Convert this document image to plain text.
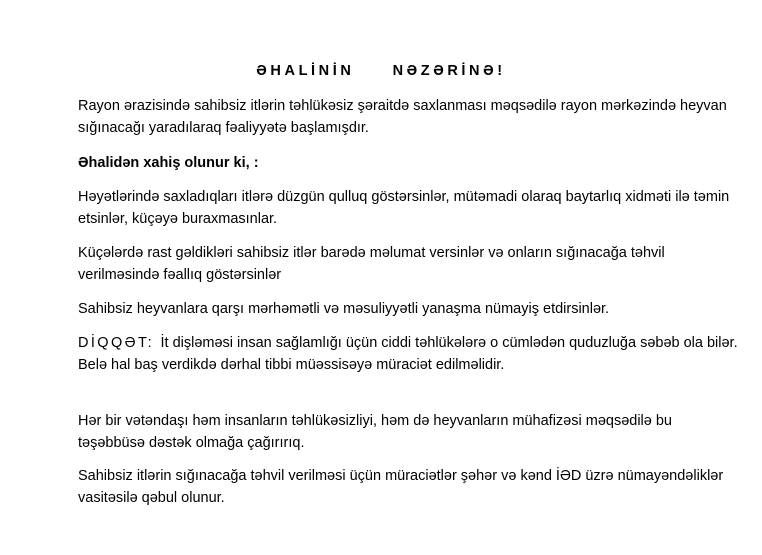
ƏHALİNİN     NƏZƏRİNƏ!

Rayon ərazisində sahibsiz itlərin təhlükəsiz şəraitdə saxlanması məqsədilə rayon mərkəzində heyvan sığınacağı yaradılaraq fəaliyyətə başlamışdır.

Əhalidən xahiş olunur ki, :

Həyətlərində saxladıqları itlərə düzgün qulluq göstərsinlər, mütəmadi olaraq baytarlıq xidməti ilə təmin etsinlər, küçəyə buraxmasınlar.

Küçələrdə rast gəldikləri sahibsiz itlər barədə məlumat versinlər və onların sığınacağa təhvil verilməsində fəallıq göstərsinlər

Sahibsiz heyvanlara qarşı mərhəmətli və məsuliyyətli yanaşma nümayiş etdirsinlər.

DİQQƏT: İt dişləməsi insan sağlamlığı üçün ciddi təhlükələrə o cümlədən quduzluğa səbəb ola bilər. Belə hal baş verdikdə dərhal tibbi müəssisəyə müraciət edilməlidir.

Hər bir vətəndaşı həm insanların təhlükəsizliyi, həm də heyvanların mühafizəsi məqsədilə bu təşəbbüsə dəstək olmağa çağırırıq.

Sahibsiz itlərin sığınacağa təhvil verilməsi üçün müraciətlər şəhər və kənd İƏD üzrə nümayəndəliklər vasitəsilə qəbul olunur.
